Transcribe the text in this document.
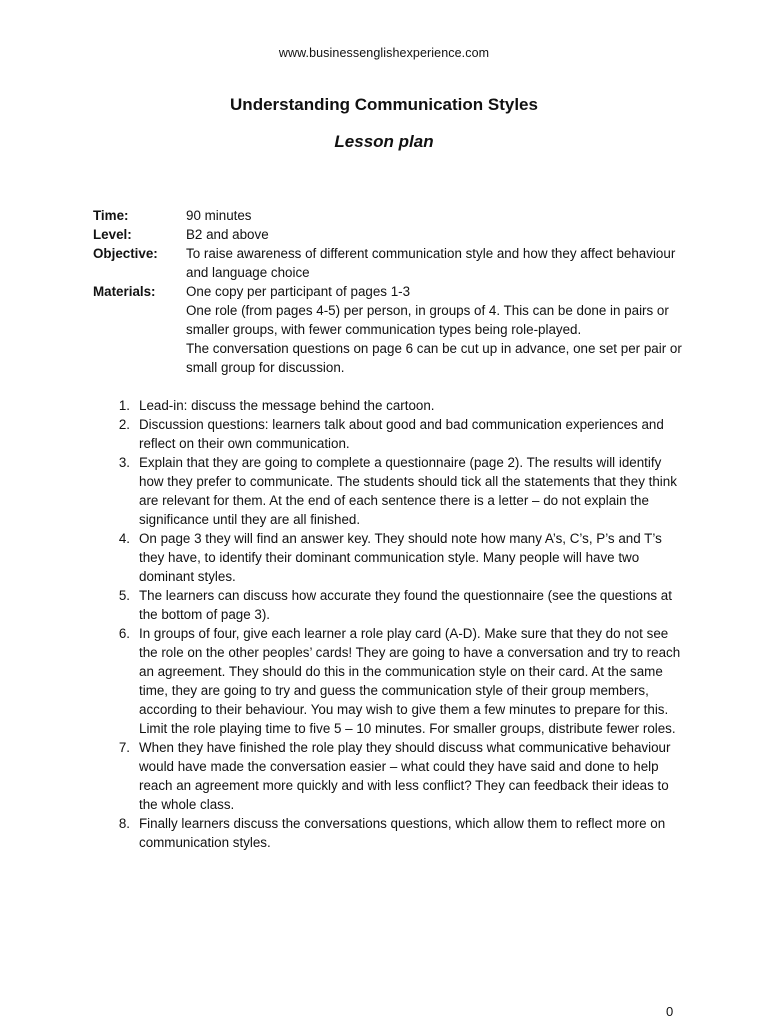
www.businessenglishexperience.com
Understanding Communication Styles
Lesson plan
Time:	90 minutes

Level:	B2 and above

Objective:	To raise awareness of different communication style and how they affect behaviour and language choice

Materials:	One copy per participant of pages 1-3

One role (from pages 4-5) per person, in groups of 4. This can be done in pairs or smaller groups, with fewer communication types being role-played.

The conversation questions on page 6 can be cut up in advance, one set per pair or small group for discussion.

1. Lead-in: discuss the message behind the cartoon.
2. Discussion questions: learners talk about good and bad communication experiences and reflect on their own communication.
3. Explain that they are going to complete a questionnaire (page 2). The results will identify how they prefer to communicate. The students should tick all the statements that they think are relevant for them. At the end of each sentence there is a letter – do not explain the significance until they are all finished.
4. On page 3 they will find an answer key. They should note how many A’s, C’s, P’s and T’s they have, to identify their dominant communication style. Many people will have two dominant styles.
5. The learners can discuss how accurate they found the questionnaire (see the questions at the bottom of page 3).
6. In groups of four, give each learner a role play card (A-D). Make sure that they do not see the role on the other peoples’ cards! They are going to have a conversation and try to reach an agreement. They should do this in the communication style on their card. At the same time, they are going to try and guess the communication style of their group members, according to their behaviour. You may wish to give them a few minutes to prepare for this. Limit the role playing time to five 5 – 10 minutes. For smaller groups, distribute fewer roles.
7. When they have finished the role play they should discuss what communicative behaviour would have made the conversation easier – what could they have said and done to help reach an agreement more quickly and with less conflict? They can feedback their ideas to the whole class.
8. Finally learners discuss the conversations questions, which allow them to reflect more on communication styles.
0
